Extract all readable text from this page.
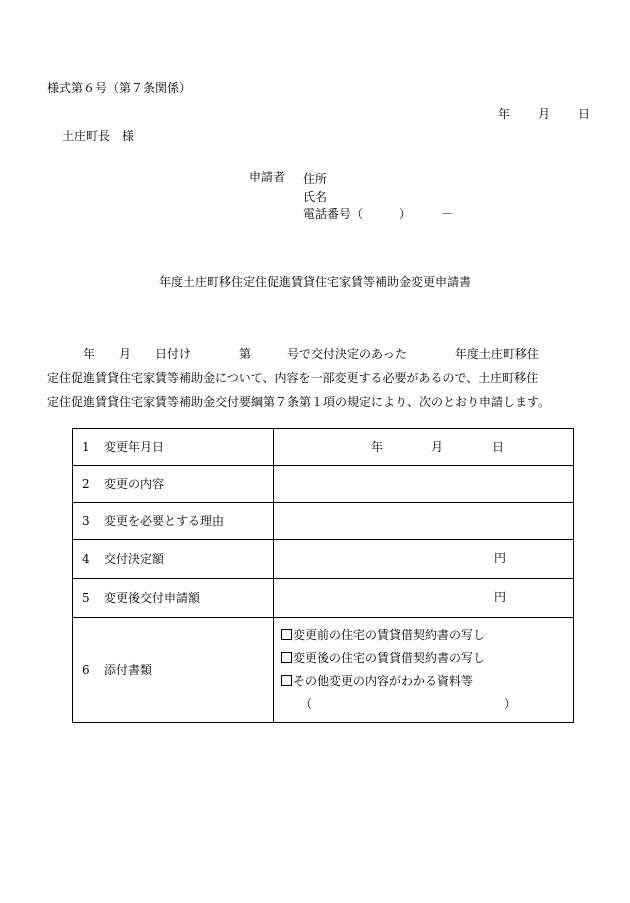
様式第６号（第７条関係）
年 月 日
土庄町長　様
申請者 住所
氏名
電話番号（　　　）　　　－
年度土庄町移住定住促進賃貸住宅家賃等補助金変更申請書
　　　年　　月　　日付け　　　　第　　　号で交付決定のあった　　　　年度土庄町移住
定住促進賃貸住宅家賃等補助金について、内容を一部変更する必要があるので、土庄町移住
定住促進賃貸住宅家賃等補助金交付要綱第７条第１項の規定により、次のとおり申請します。
1 変更年月日	年 月 日

2 変更の内容	
3 変更を必要とする理由	
4 交付決定額	円

5 変更後交付申請額	円

6 添付書類	変更前の住宅の賃貸借契約書の写し
変更後の住宅の賃貸借契約書の写し
その他変更の内容がわかる資料等
（　　　　　　　　　　　　　　　　）
